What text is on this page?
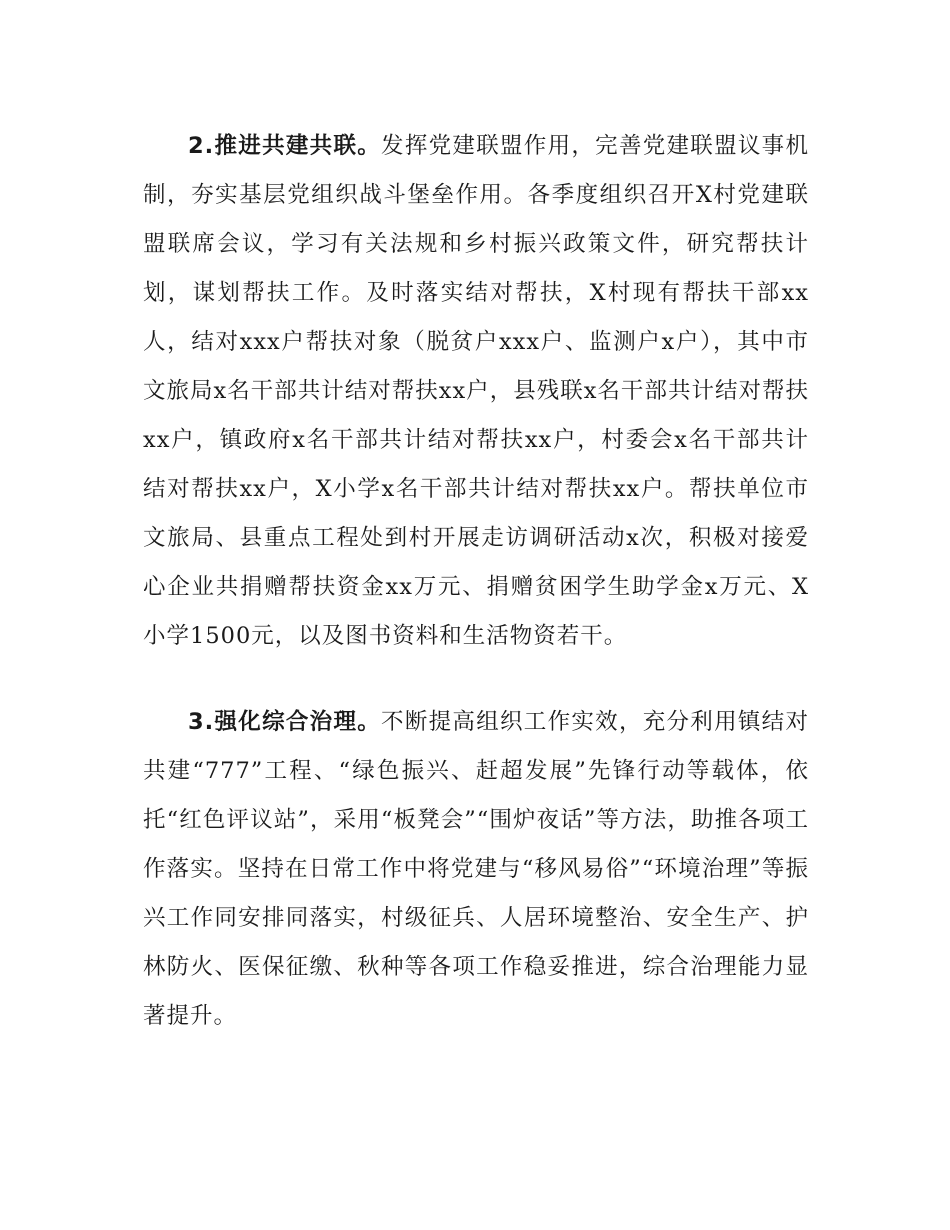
2.推进共建共联。发挥党建联盟作用，完善党建联盟议事机制，夯实基层党组织战斗堡垒作用。各季度组织召开X村党建联盟联席会议，学习有关法规和乡村振兴政策文件，研究帮扶计划，谋划帮扶工作。及时落实结对帮扶，X村现有帮扶干部xx人，结对xxx户帮扶对象（脱贫户xxx户、监测户x户），其中市文旅局x名干部共计结对帮扶xx户，县残联x名干部共计结对帮扶xx户，镇政府x名干部共计结对帮扶xx户，村委会x名干部共计结对帮扶xx户，X小学x名干部共计结对帮扶xx户。帮扶单位市文旅局、县重点工程处到村开展走访调研活动x次，积极对接爱心企业共捐赠帮扶资金xx万元、捐赠贫困学生助学金x万元、X小学1500元，以及图书资料和生活物资若干。

3.强化综合治理。不断提高组织工作实效，充分利用镇结对共建“777”工程、“绿色振兴、赶超发展”先锋行动等载体，依托“红色评议站”，采用“板凳会”“围炉夜话”等方法，助推各项工作落实。坚持在日常工作中将党建与“移风易俗”“环境治理”等振兴工作同安排同落实，村级征兵、人居环境整治、安全生产、护林防火、医保征缴、秋种等各项工作稳妥推进，综合治理能力显著提升。
